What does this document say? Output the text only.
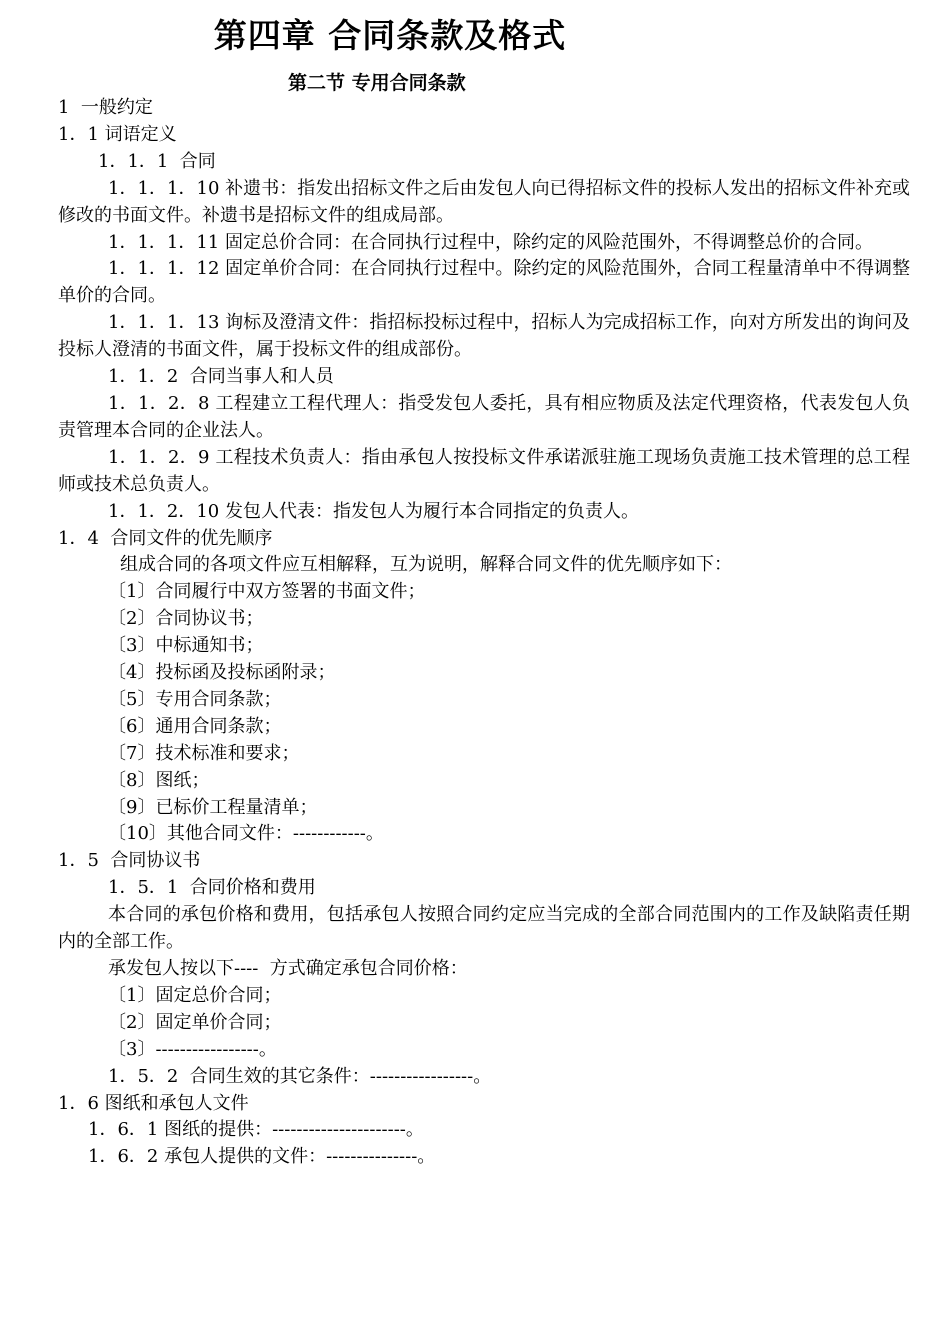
第四章 合同条款及格式
第二节 专用合同条款

1  一般约定

1．1 词语定义

1．1．1  合同

1．1．1．10 补遗书：指发出招标文件之后由发包人向已得招标文件的投标人发出的招标文件补充或修改的书面文件。补遗书是招标文件的组成局部。

1．1．1．11 固定总价合同：在合同执行过程中，除约定的风险范围外，不得调整总价的合同。

1．1．1．12 固定单价合同：在合同执行过程中。除约定的风险范围外，合同工程量清单中不得调整单价的合同。

1．1．1．13 询标及澄清文件：指招标投标过程中，招标人为完成招标工作，向对方所发出的询问及投标人澄清的书面文件，属于投标文件的组成部份。

1．1．2  合同当事人和人员

1．1．2．8 工程建立工程代理人：指受发包人委托，具有相应物质及法定代理资格，代表发包人负责管理本合同的企业法人。

1．1．2．9 工程技术负责人：指由承包人按投标文件承诺派驻施工现场负责施工技术管理的总工程师或技术总负责人。

1．1．2．10 发包人代表：指发包人为履行本合同指定的负责人。

1．4  合同文件的优先顺序

组成合同的各项文件应互相解释，互为说明，解释合同文件的优先顺序如下：

〔1〕合同履行中双方签署的书面文件；

〔2〕合同协议书；

〔3〕中标通知书；

〔4〕投标函及投标函附录；

〔5〕专用合同条款；

〔6〕通用合同条款；

〔7〕技术标准和要求；

〔8〕图纸；

〔9〕已标价工程量清单；

〔10〕其他合同文件：------------。

1．5  合同协议书

1．5．1  合同价格和费用

本合同的承包价格和费用，包括承包人按照合同约定应当完成的全部合同范围内的工作及缺陷责任期内的全部工作。

承发包人按以下----  方式确定承包合同价格：

〔1〕固定总价合同；

〔2〕固定单价合同；

〔3〕-----------------。

1．5．2  合同生效的其它条件：-----------------。

1．6 图纸和承包人文件

1．6．1 图纸的提供：----------------------。

1．6．2 承包人提供的文件：---------------。
